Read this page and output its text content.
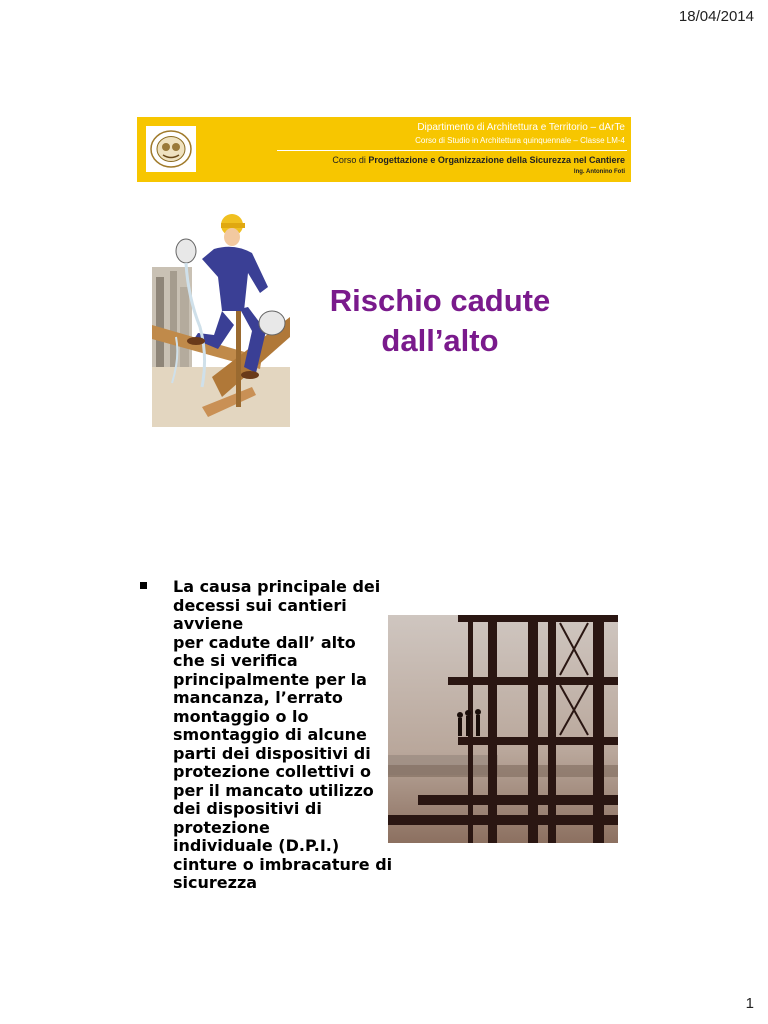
18/04/2014
Dipartimento di Architettura e Territorio – dArTe
Corso di Studio in Architettura quinquennale – Classe LM-4
Corso di Progettazione e Organizzazione della Sicurezza nel Cantiere
Ing. Antonino Foti
Rischio cadute
dall’alto
La causa principale dei
decessi sui cantieri
avviene
per cadute dall’ alto
che si verifica
principalmente per la
mancanza, l’errato
montaggio o lo
smontaggio di alcune
parti dei dispositivi di
protezione collettivi o
per il mancato utilizzo
dei dispositivi di
protezione
individuale (D.P.I.)
cinture o imbracature di
sicurezza
1
